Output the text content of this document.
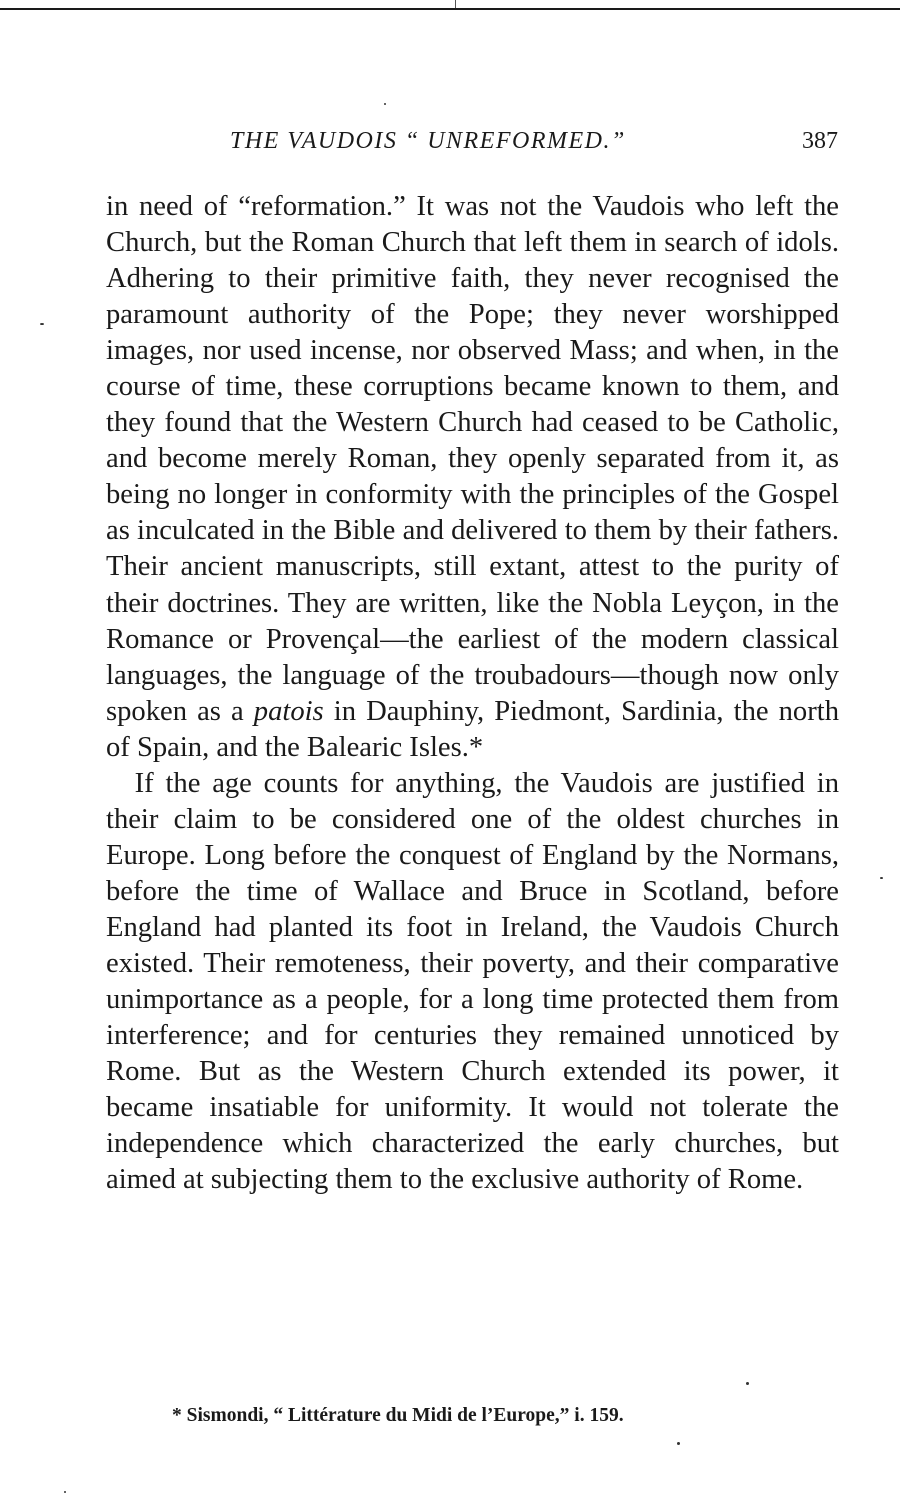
THE VAUDOIS “ UNREFORMED.”	387

in need of “reformation.” It was not the Vaudois who left the Church, but the Roman Church that left them in search of idols. Adhering to their primitive faith, they never recognised the paramount authority of the Pope; they never worshipped images, nor used incense, nor observed Mass; and when, in the course of time, these corruptions became known to them, and they found that the Western Church had ceased to be Catholic, and become merely Roman, they openly separated from it, as being no longer in conformity with the principles of the Gospel as inculcated in the Bible and delivered to them by their fathers. Their ancient manuscripts, still extant, attest to the purity of their doctrines. They are written, like the Nobla Leyçon, in the Romance or Provençal—the earliest of the modern classical languages, the language of the troubadours—though now only spoken as a patois in Dauphiny, Piedmont, Sardinia, the north of Spain, and the Balearic Isles.*

If the age counts for anything, the Vaudois are justified in their claim to be considered one of the oldest churches in Europe. Long before the conquest of England by the Normans, before the time of Wallace and Bruce in Scotland, before England had planted its foot in Ireland, the Vaudois Church existed. Their remoteness, their poverty, and their comparative unimportance as a people, for a long time protected them from interference; and for centuries they remained unnoticed by Rome. But as the Western Church extended its power, it became insatiable for uniformity. It would not tolerate the independence which characterized the early churches, but aimed at subjecting them to the exclusive authority of Rome.

* Sismondi, “ Littérature du Midi de l’Europe,” i. 159.
